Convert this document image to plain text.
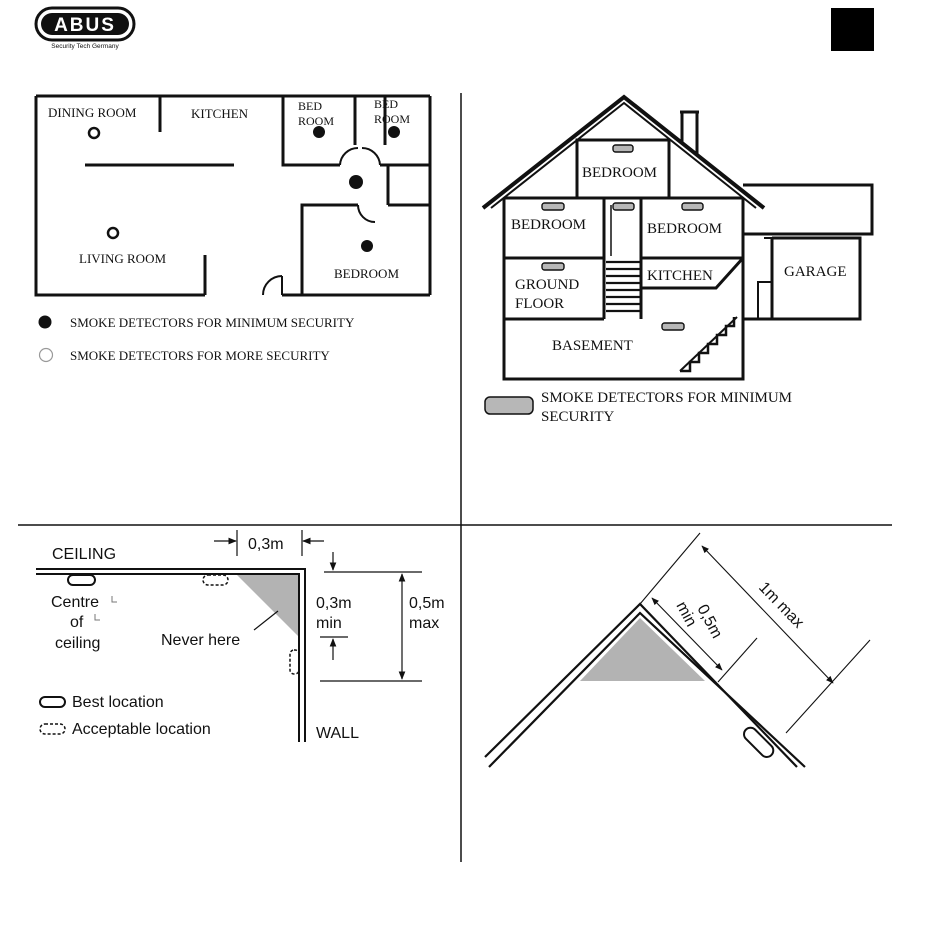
ABUS
Security Tech Germany
DINING ROOM	KITCHEN	BED
ROOM
BED
ROOM
LIVING ROOM
BEDROOM
SMOKE DETECTORS FOR MINIMUM SECURITY
SMOKE DETECTORS FOR MORE SECURITY
BEDROOM
BEDROOM	BEDROOM
GROUND
FLOOR
KITCHEN	GARAGE
BASEMENT
SMOKE DETECTORS FOR MINIMUM
SECURITY
CEILING
Centre
of
ceiling	Never here
0,3m
0,3m
min
0,5m
max
WALL
Best location
Acceptable location
0,5m
min	1m max
